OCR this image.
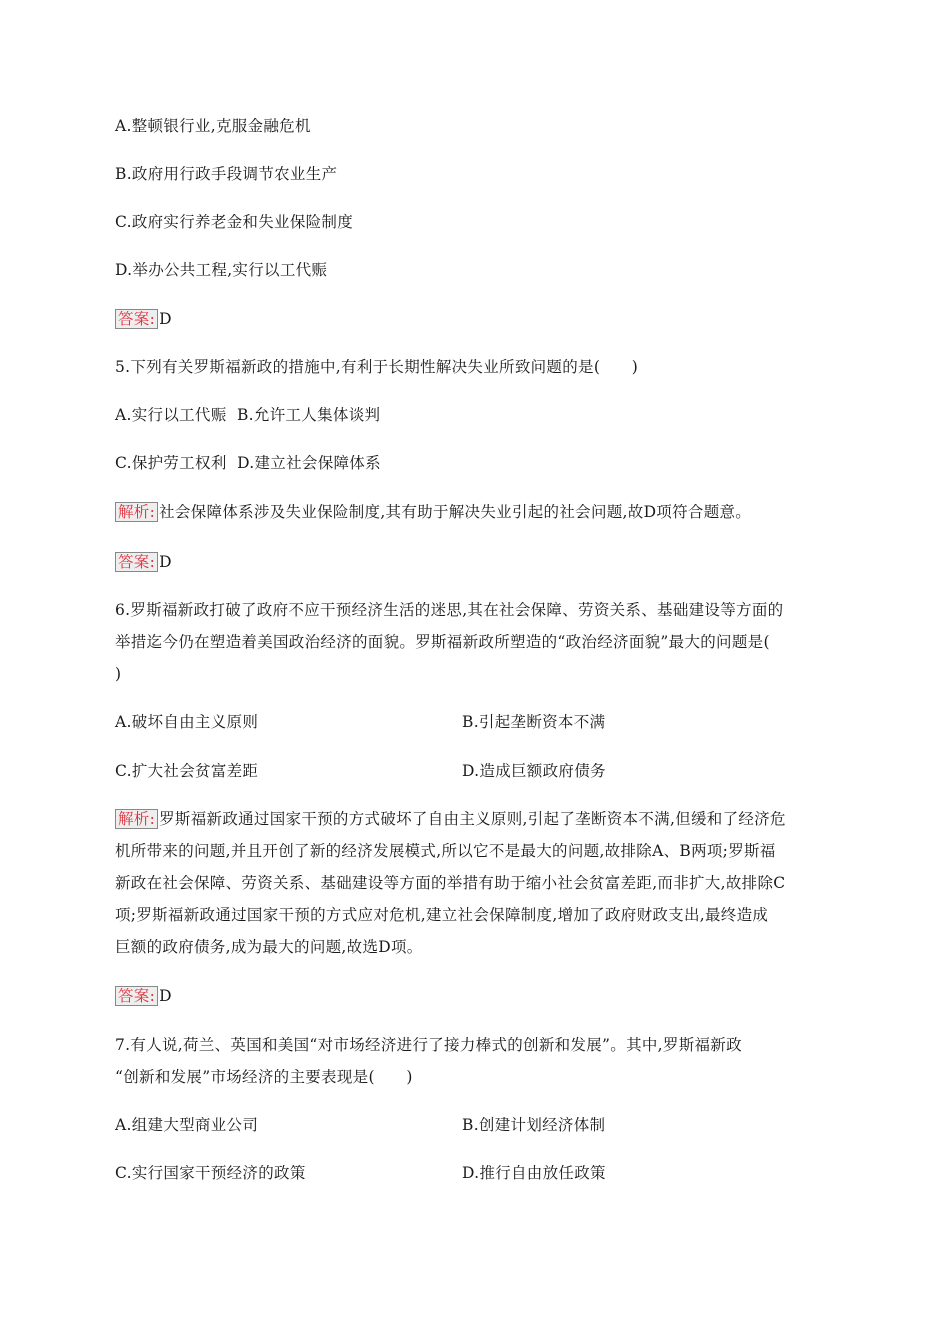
A.整顿银行业,克服金融危机
B.政府用行政手段调节农业生产
C.政府实行养老金和失业保险制度
D.举办公共工程,实行以工代赈
答案: D
5.下列有关罗斯福新政的措施中,有利于长期性解决失业所致问题的是(　　)
A.实行以工代赈  B.允许工人集体谈判
C.保护劳工权利  D.建立社会保障体系
解析: 社会保障体系涉及失业保险制度,其有助于解决失业引起的社会问题,故D项符合题意。
答案: D
6.罗斯福新政打破了政府不应干预经济生活的迷思,其在社会保障、劳资关系、基础建设等方面的
举措迄今仍在塑造着美国政治经济的面貌。罗斯福新政所塑造的“政治经济面貌”最大的问题是(
)
A.破坏自由主义原则	B.引起垄断资本不满
C.扩大社会贫富差距	D.造成巨额政府债务
解析: 罗斯福新政通过国家干预的方式破坏了自由主义原则,引起了垄断资本不满,但缓和了经济危
机所带来的问题,并且开创了新的经济发展模式,所以它不是最大的问题,故排除A、B两项;罗斯福
新政在社会保障、劳资关系、基础建设等方面的举措有助于缩小社会贫富差距,而非扩大,故排除C
项;罗斯福新政通过国家干预的方式应对危机,建立社会保障制度,增加了政府财政支出,最终造成
巨额的政府债务,成为最大的问题,故选D项。
答案: D
7.有人说,荷兰、英国和美国“对市场经济进行了接力棒式的创新和发展”。其中,罗斯福新政
“创新和发展”市场经济的主要表现是(　　)
A.组建大型商业公司	B.创建计划经济体制
C.实行国家干预经济的政策	D.推行自由放任政策
